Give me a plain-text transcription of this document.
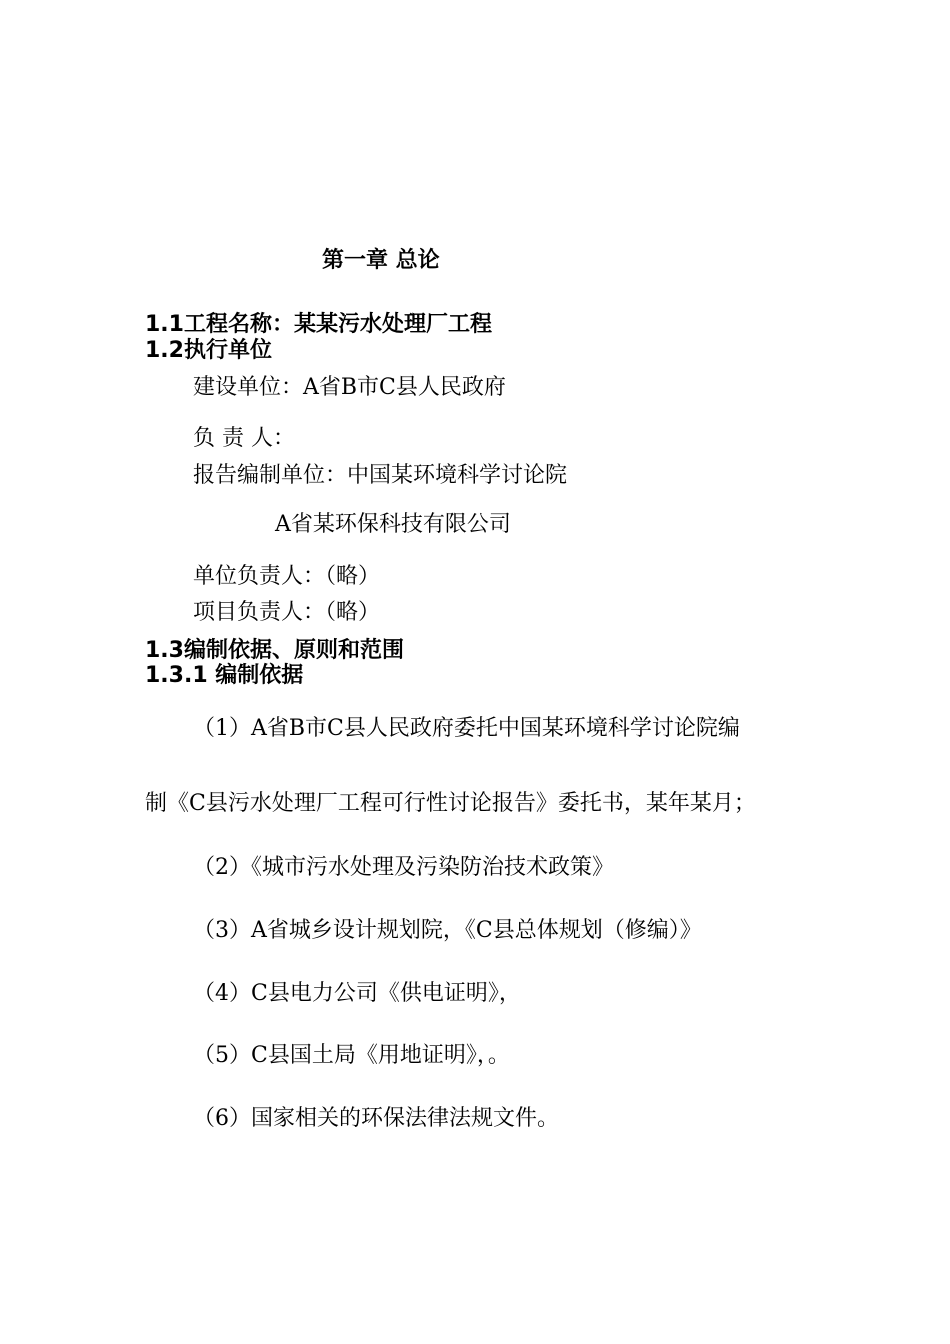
第一章 总论
1.1工程名称：某某污水处理厂工程
1.2执行单位
建设单位：A省B市C县人民政府
负 责 人：
报告编制单位：中国某环境科学讨论院
A省某环保科技有限公司
单位负责人：（略）
项目负责人：（略）
1.3编制依据、原则和范围
1.3.1 编制依据
（1）A省B市C县人民政府委托中国某环境科学讨论院编
制《C县污水处理厂工程可行性讨论报告》委托书，某年某月；
（2）《城市污水处理及污染防治技术政策》
（3）A省城乡设计规划院，《C县总体规划（修编）》
（4）C县电力公司《供电证明》，
（5）C县国土局《用地证明》，。
（6）国家相关的环保法律法规文件。
